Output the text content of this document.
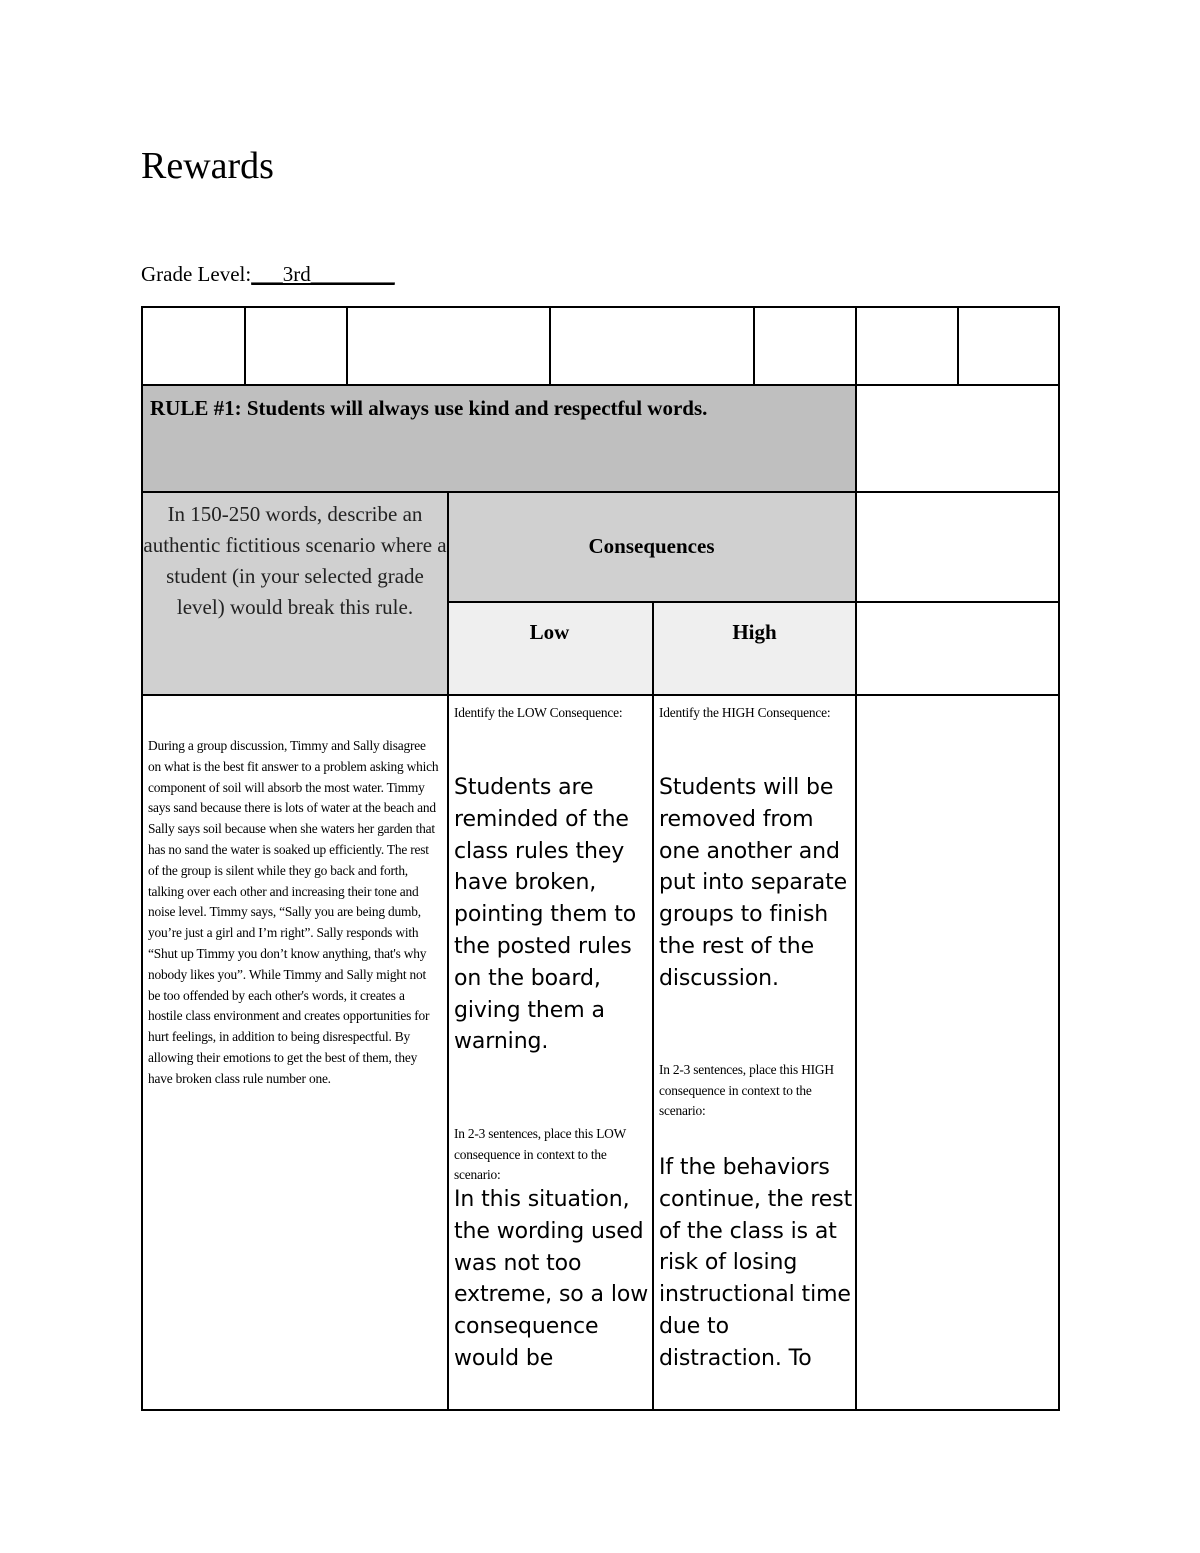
Rewards
Grade Level:___3rd________
RULE #1: Students will always use kind and respectful words.
In 150-250 words, describe an authentic fictitious scenario where a student (in your selected grade level) would break this rule.
Consequences
Low	High
During a group discussion, Timmy and Sally disagree on what is the best fit answer to a problem asking which component of soil will absorb the most water. Timmy says sand because there is lots of water at the beach and Sally says soil because when she waters her garden that has no sand the water is soaked up efficiently. The rest of the group is silent while they go back and forth, talking over each other and increasing their tone and noise level. Timmy says, “Sally you are being dumb, you’re just a girl and I’m right”. Sally responds with “Shut up Timmy you don’t know anything, that's why nobody likes you”. While Timmy and Sally might not be too offended by each other's words, it creates a hostile class environment and creates opportunities for hurt feelings, in addition to being disrespectful. By allowing their emotions to get the best of them, they have broken class rule number one.
Identify the LOW Consequence:
Students are reminded of the class rules they have broken, pointing them to the posted rules on the board, giving them a warning.
In 2-3 sentences, place this LOW consequence in context to the scenario:
In this situation, the wording used was not too extreme, so a low consequence would be
Identify the HIGH Consequence:
Students will be removed from one another and put into separate groups to finish the rest of the discussion.
In 2-3 sentences, place this HIGH consequence in context to the scenario:
If the behaviors continue, the rest of the class is at risk of losing instructional time due to distraction. To
